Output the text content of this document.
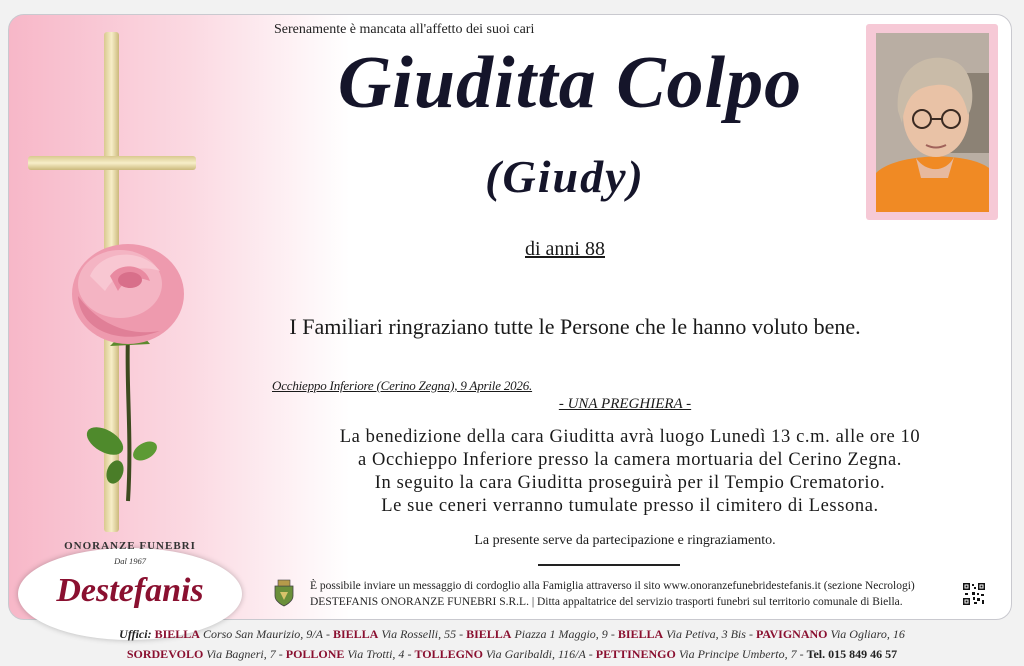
ONORANZE FUNEBRI
Dal 1967
Destefanis
Serenamente è mancata all'affetto dei suoi cari
Giuditta Colpo
(Giudy)
di anni 88
I Familiari ringraziano tutte le Persone che le hanno voluto bene.
Occhieppo Inferiore (Cerino Zegna), 9 Aprile 2026.
- UNA PREGHIERA -
La benedizione della cara Giuditta avrà luogo Lunedì 13 c.m. alle ore 10
a Occhieppo Inferiore presso la camera mortuaria del Cerino Zegna.
In seguito la cara Giuditta proseguirà per il Tempio Crematorio.
Le sue ceneri verranno tumulate presso il cimitero di Lessona.
La presente serve da partecipazione e ringraziamento.
È possibile inviare un messaggio di cordoglio alla Famiglia attraverso il sito www.onoranzefunebridestefanis.it (sezione Necrologi)
DESTEFANIS ONORANZE FUNEBRI S.R.L. | Ditta appaltatrice del servizio trasporti funebri sul territorio comunale di Biella.
Uffici: BIELLA Corso San Maurizio, 9/A - BIELLA Via Rosselli, 55 - BIELLA Piazza 1 Maggio, 9 - BIELLA Via Petiva, 3 Bis - PAVIGNANO Via Ogliaro, 16
SORDEVOLO Via Bagneri, 7 - POLLONE Via Trotti, 4 - TOLLEGNO Via Garibaldi, 116/A - PETTINENGO Via Principe Umberto, 7 - Tel. 015 849 46 57
